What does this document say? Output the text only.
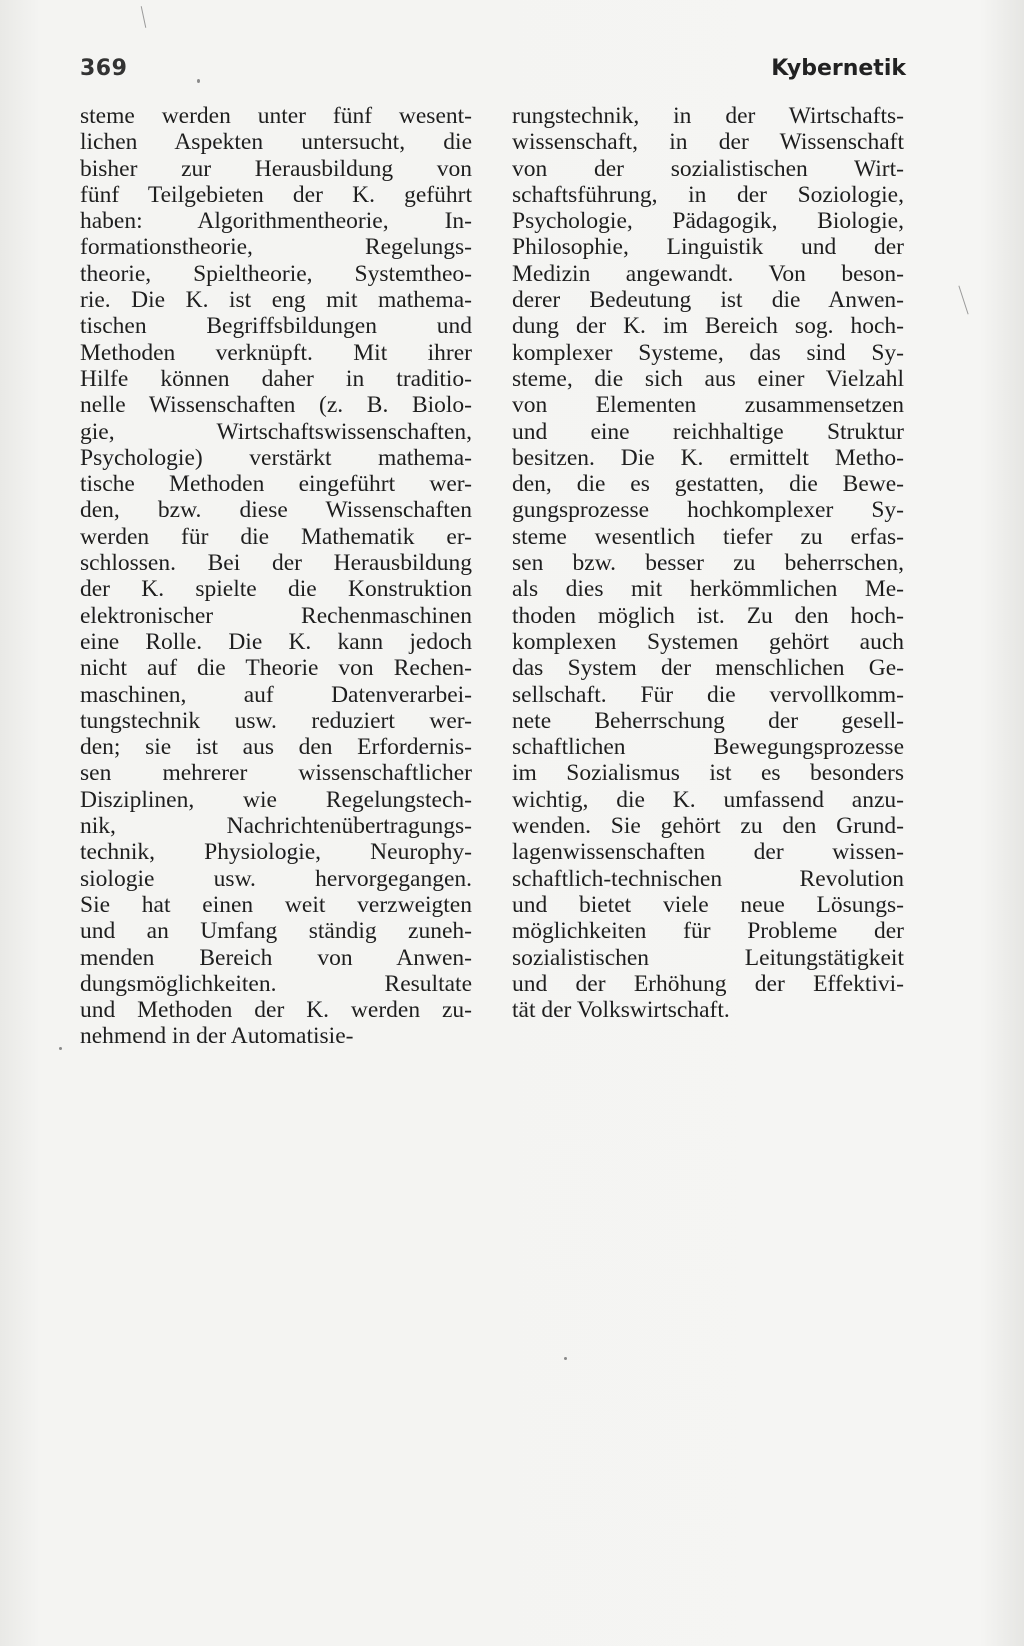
369	Kybernetik
steme werden unter fünf wesent-
lichen Aspekten untersucht, die
bisher zur Herausbildung von
fünf Teilgebieten der K. geführt
haben: Algorithmentheorie, In-
formationstheorie, Regelungs-
theorie, Spieltheorie, Systemtheo-
rie. Die K. ist eng mit mathema-
tischen Begriffsbildungen und
Methoden verknüpft. Mit ihrer
Hilfe können daher in traditio-
nelle Wissenschaften (z. B. Biolo-
gie, Wirtschaftswissenschaften,
Psychologie) verstärkt mathema-
tische Methoden eingeführt wer-
den, bzw. diese Wissenschaften
werden für die Mathematik er-
schlossen. Bei der Herausbildung
der K. spielte die Konstruktion
elektronischer Rechenmaschinen
eine Rolle. Die K. kann jedoch
nicht auf die Theorie von Rechen-
maschinen, auf Datenverarbei-
tungstechnik usw. reduziert wer-
den; sie ist aus den Erfordernis-
sen mehrerer wissenschaftlicher
Disziplinen, wie Regelungstech-
nik, Nachrichtenübertragungs-
technik, Physiologie, Neurophy-
siologie usw. hervorgegangen.
Sie hat einen weit verzweigten
und an Umfang ständig zuneh-
menden Bereich von Anwen-
dungsmöglichkeiten. Resultate
und Methoden der K. werden zu-
nehmend in der Automatisie-
rungstechnik, in der Wirtschafts-
wissenschaft, in der Wissenschaft
von der sozialistischen Wirt-
schaftsführung, in der Soziologie,
Psychologie, Pädagogik, Biologie,
Philosophie, Linguistik und der
Medizin angewandt. Von beson-
derer Bedeutung ist die Anwen-
dung der K. im Bereich sog. hoch-
komplexer Systeme, das sind Sy-
steme, die sich aus einer Vielzahl
von Elementen zusammensetzen
und eine reichhaltige Struktur
besitzen. Die K. ermittelt Metho-
den, die es gestatten, die Bewe-
gungsprozesse hochkomplexer Sy-
steme wesentlich tiefer zu erfas-
sen bzw. besser zu beherrschen,
als dies mit herkömmlichen Me-
thoden möglich ist. Zu den hoch-
komplexen Systemen gehört auch
das System der menschlichen Ge-
sellschaft. Für die vervollkomm-
nete Beherrschung der gesell-
schaftlichen Bewegungsprozesse
im Sozialismus ist es besonders
wichtig, die K. umfassend anzu-
wenden. Sie gehört zu den Grund-
lagenwissenschaften der wissen-
schaftlich-technischen Revolution
und bietet viele neue Lösungs-
möglichkeiten für Probleme der
sozialistischen Leitungstätigkeit
und der Erhöhung der Effektivi-
tät der Volkswirtschaft.
